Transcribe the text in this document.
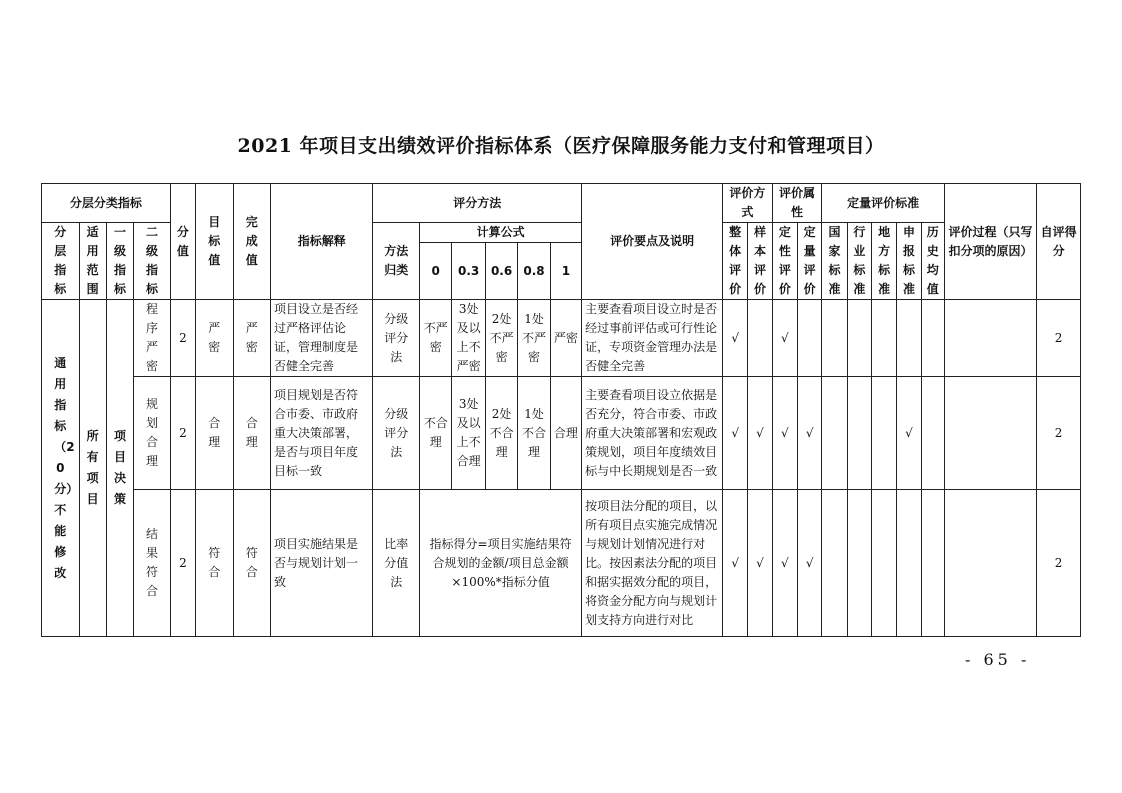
2021 年项目支出绩效评价指标体系（医疗保障服务能力支付和管理项目）
分层分类指标				分值	目标值	完成值	指标解释	评分方法						评价要点及说明	评价方式		评价属性		定量评价标准					评价过程（只写扣分项的原因）	自评得分
分层指标	适用范围	一级指标	二级指标					方法归类	计算公式						整体评价	样本评价	定性评价	定量评价	国家标准	行业标准	地方标准	申报标准	历史均值		
									0	0.3	0.6	0.8	1												
通用指标（20分）不能修改	所有项目	项目决策	程序严密	2	严密	严密	项目设立是否经过严格评估论证，管理制度是否健全完善	分级评分法	不严密	3处及以上不严密	2处不严密	1处不严密	严密	主要查看项目设立时是否经过事前评估或可行性论证，专项资金管理办法是否健全完善	√		√								2
			规划合理	2	合理	合理	项目规划是否符合市委、市政府重大决策部署，是否与项目年度目标一致	分级评分法	不合理	3处及以上不合理	2处不合理	1处不合理	合理	主要查看项目设立依据是否充分，符合市委、市政府重大决策部署和宏观政策规划，项目年度绩效目标与中长期规划是否一致	√	√	√	√				√			2
			结果符合	2	符合	符合	项目实施结果是否与规划计划一致	比率分值法	指标得分=项目实施结果符合规划的金额/项目总金额×100%*指标分值					按项目法分配的项目，以所有项目点实施完成情况与规划计划情况进行对比。按因素法分配的项目和据实据效分配的项目，将资金分配方向与规划计划支持方向进行对比	√	√	√	√							2
- 65 -
